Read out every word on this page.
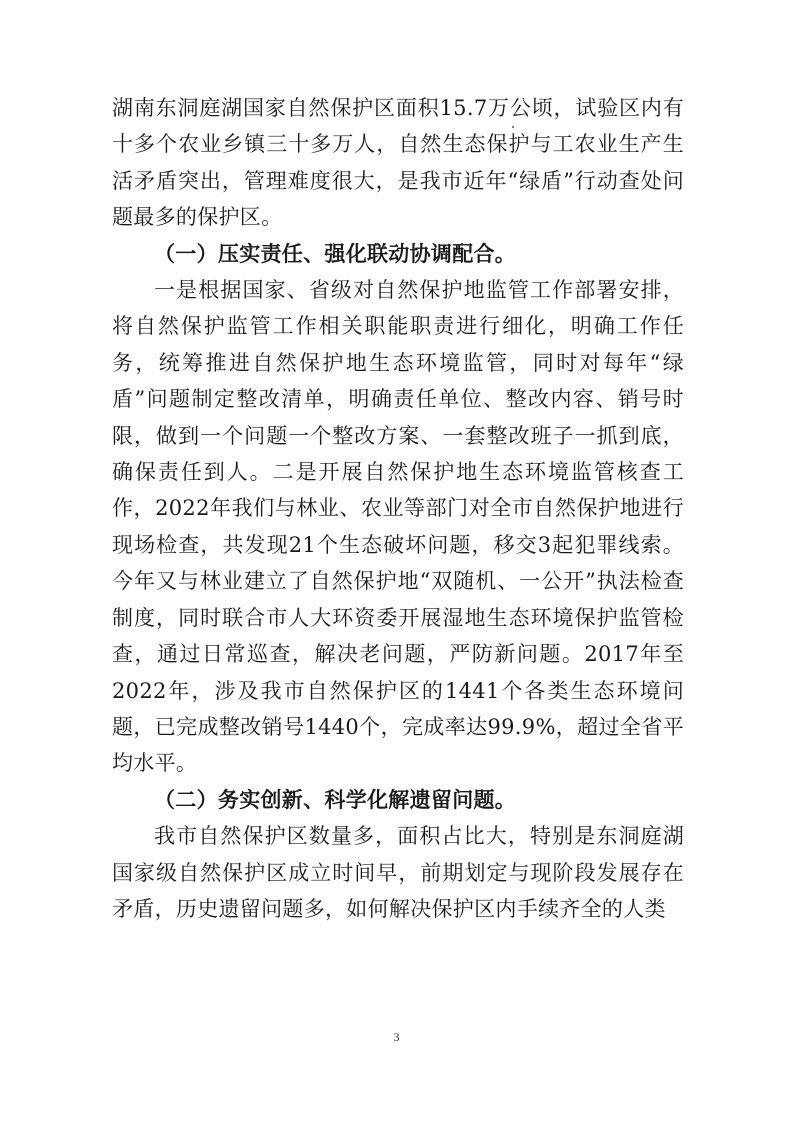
湖南东洞庭湖国家自然保护区面积15.7万公顷，试验区内有十多个农业乡镇三十多万人，自然生态保护与工农业生产生活矛盾突出，管理难度很大，是我市近年“绿盾”行动查处问题最多的保护区。

（一）压实责任、强化联动协调配合。

一是根据国家、省级对自然保护地监管工作部署安排，将自然保护监管工作相关职能职责进行细化，明确工作任务，统筹推进自然保护地生态环境监管，同时对每年“绿盾”问题制定整改清单，明确责任单位、整改内容、销号时限，做到一个问题一个整改方案、一套整改班子一抓到底，确保责任到人。二是开展自然保护地生态环境监管核查工作，2022年我们与林业、农业等部门对全市自然保护地进行现场检查，共发现21个生态破坏问题，移交3起犯罪线索。今年又与林业建立了自然保护地“双随机、一公开”执法检查制度，同时联合市人大环资委开展湿地生态环境保护监管检查，通过日常巡查，解决老问题，严防新问题。2017年至2022年，涉及我市自然保护区的1441个各类生态环境问题，已完成整改销号1440个，完成率达99.9%，超过全省平均水平。

（二）务实创新、科学化解遗留问题。

我市自然保护区数量多，面积占比大，特别是东洞庭湖国家级自然保护区成立时间早，前期划定与现阶段发展存在矛盾，历史遗留问题多，如何解决保护区内手续齐全的人类

3
